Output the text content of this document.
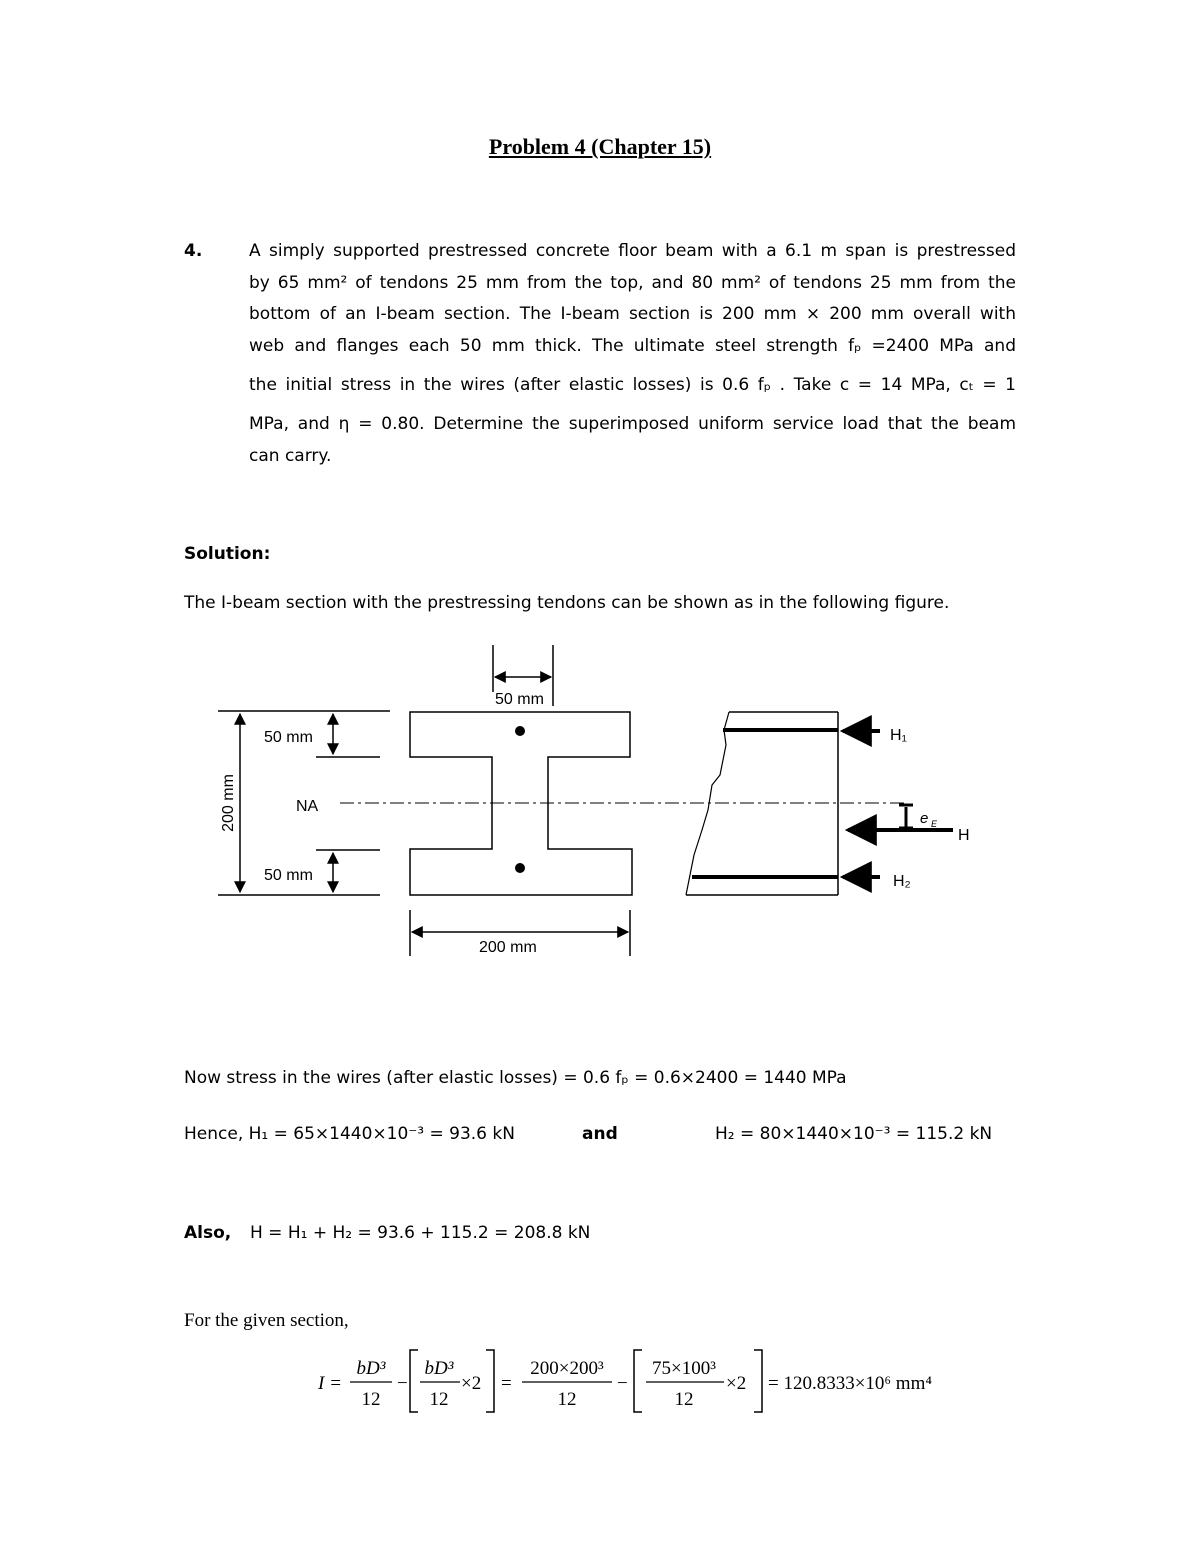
Problem 4 (Chapter 15)
4.	A simply supported prestressed concrete floor beam with a 6.1 m span is prestressed
by 65 mm² of tendons 25 mm from the top, and 80 mm² of tendons 25 mm from the
bottom of an I-beam section. The I-beam section is 200 mm × 200 mm overall with
web and flanges each 50 mm thick. The ultimate steel strength fₚ =2400 MPa and
the initial stress in the wires (after elastic losses) is 0.6 fₚ . Take c = 14 MPa, cₜ = 1
MPa, and η = 0.80. Determine the superimposed uniform service load that the beam
can carry.
Solution:
The I-beam section with the prestressing tendons can be shown as in the following figure.
50 mm
200 mm
50 mm
50 mm
NA
200 mm
H₁
H
H₂
e E
Now stress in the wires (after elastic losses) = 0.6 fₚ = 0.6×2400 = 1440 MPa
Hence, H₁ = 65×1440×10⁻³ = 93.6 kN	and	H₂ = 80×1440×10⁻³ = 115.2 kN
Also, H = H₁ + H₂ = 93.6 + 115.2 = 208.8 kN
For the given section,
I =
bD³
12
−
bD³
12
×2 =
200×200³
12
−
75×100³
12
×2 = 120.8333×10⁶ mm⁴
